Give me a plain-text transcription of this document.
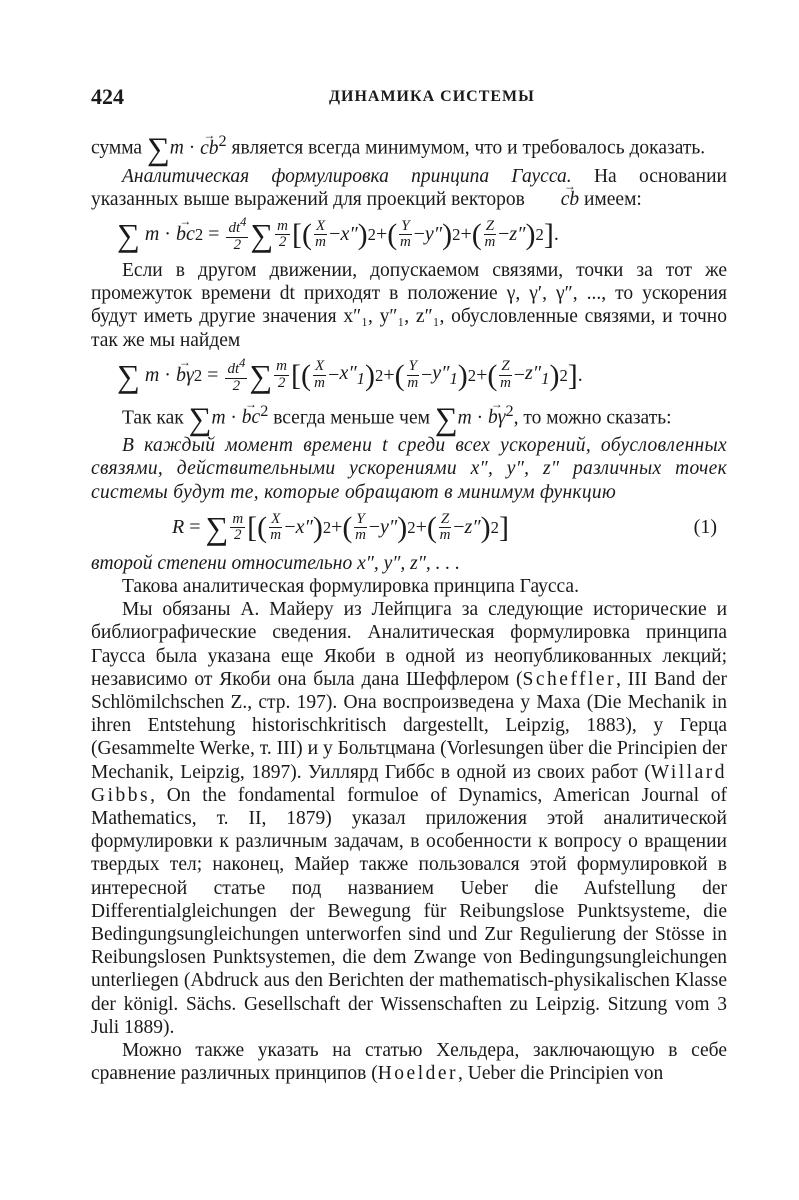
424	ДИНАМИКА СИСТЕМЫ

сумма ∑m · → $cb^2$ является всегда минимумом, что и требовалось доказать.

Аналитическая формулировка принципа Гаусса. На основании указанных выше выражений для проекций векторов → cb имеем:

∑
m · → bc $2 = \frac{dt^4}{2}$ ∑ $\frac{m}{2}$ [( $\frac{X}{m} - x''$ ) 2 + ( $\frac{Y}{m} - y''$ ) 2 + ( $\frac{Z}{m} - z''$ ) 2 ] .

Если в другом движении, допускаемом связями, точки за тот же промежуток времени dt приходят в положение γ, γ′, γ″, ..., то ускорения будут иметь другие значения x″₁, y″₁, z″₁, обусловленные связями, и точно так же мы найдем

∑
m · → bγ $2 = \frac{dt^4}{2}$ ∑ $\frac{m}{2}$ [( $\frac{X}{m} - x''_1$ ) 2 + ( $\frac{Y}{m} - y''_1$ ) 2 + ( $\frac{Z}{m} - z''_1$ ) 2 ] .

Так как ∑m · → $bc^2$ всегда меньше чем ∑m · → $b\gamma^2$, то можно сказать:

В каждый момент времени t среди всех ускорений, обусловленных связями, действительными ускорениями x″, y″, z″ различных точек системы будут те, которые обращают в минимум функцию

R = ∑ $\frac{m}{2}$ [( $\frac{X}{m} - x''$ ) 2 + ( $\frac{Y}{m} - y''$ ) 2 + ( $\frac{Z}{m} - z''$ ) 2 ]	(1)

второй степени относительно x″, y″, z″, . . .

Такова аналитическая формулировка принципа Гаусса.

Мы обязаны А. Майеру из Лейпцига за следующие исторические и библиографические сведения. Аналитическая формулировка принципа Гаусса была указана еще Якоби в одной из неопубликованных лекций; независимо от Якоби она была дана Шеффлером (Scheffler, III Band der Schlömilchschen Z., стр. 197). Она воспроизведена у Маха (Die Mechanik in ihren Entstehung historischkritisch dargestellt, Leipzig, 1883), у Герца (Gesammelte Werke, т. III) и у Больтцмана (Vorlesungen über die Principien der Mechanik, Leipzig, 1897). Уиллярд Гиббс в одной из своих работ (Willard Gibbs, On the fondamental formuloe of Dynamics, American Journal of Mathematics, т. II, 1879) указал приложения этой аналитической формулировки к различным задачам, в особенности к вопросу о вращении твердых тел; наконец, Майер также пользовался этой формулировкой в интересной статье под названием Ueber die Aufstellung der Differentialgleichungen der Bewegung für Reibungslose Punktsysteme, die Bedingungsungleichungen unterworfen sind und Zur Regulierung der Stösse in Reibungslosen Punktsystemen, die dem Zwange von Bedingungsungleichungen unterliegen (Abdruck aus den Berichten der mathematisch-physikalischen Klasse der königl. Sächs. Gesellschaft der Wissenschaften zu Leipzig. Sitzung vom 3 Juli 1889).

Можно также указать на статью Хельдера, заключающую в себе сравнение различных принципов (Hoelder, Ueber die Principien von
